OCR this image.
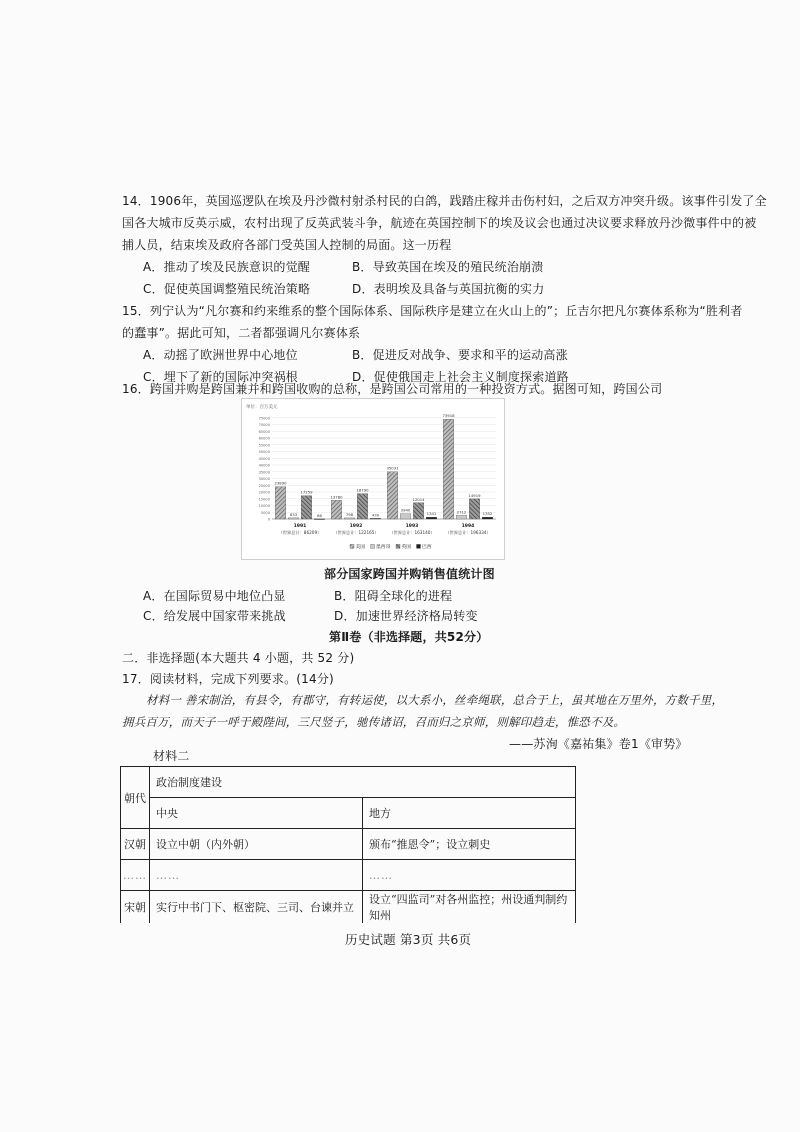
14．1906年，英国巡逻队在埃及丹沙微村射杀村民的白鸽，践踏庄稼并击伤村妇，之后双方冲突升级。该事件引发了全
国各大城市反英示威，农村出现了反英武装斗争，航迹在英国控制下的埃及议会也通过决议要求释放丹沙微事件中的被
捕人员，结束埃及政府各部门受英国人控制的局面。这一历程
A．推动了埃及民族意识的觉醒	B．导致英国在埃及的殖民统治崩溃
C．促使英国调整殖民统治策略	D．表明埃及具备与英国抗衡的实力
15．列宁认为“凡尔赛和约来维系的整个国际体系、国际秩序是建立在火山上的”；丘吉尔把凡尔赛体系称为“胜利者
的蠢事”。据此可知，二者都强调凡尔赛体系
A．动摇了欧洲世界中心地位	B．促进反对战争、要求和平的运动高涨
C．埋下了新的国际冲突祸根	D．促使俄国走上社会主义制度探索道路
16．跨国并购是跨国兼并和跨国收购的总称，是跨国公司常用的一种投资方式。据图可知，跨国公司
单位：百万美元
0
5000
10000
15000
20000
25000
30000
35000
40000
45000
50000
55000
60000
65000
70000
75000
23890
833
17259
66
1991
（世界总计：86209）
13780
798
18790
430
1992
（世界总计：122165）
35031
3940
12014
1341
1993
（世界总计：163140）
73918
2712
14919
1352
1994
（世界总计：196334）
美国 墨西哥 英国 巴西
部分国家跨国并购销售值统计图
A．在国际贸易中地位凸显	B．阻碍全球化的进程
C．给发展中国家带来挑战	D．加速世界经济格局转变
第Ⅱ卷（非选择题，共52分）
二．非选择题(本大题共 4 小题，共 52 分)
17．阅读材料，完成下列要求。(14分)
材料一 善宋制治，有县令，有郡守，有转运使，以大系小，丝牵绳联，总合于上，虽其地在万里外，方数千里，
拥兵百万，而天子一呼于殿陛间，三尺竖子，驰传诸诏，召而归之京师，则解印趋走，惟恐不及。
——苏洵《嘉祐集》卷1《审势》
材料二
朝代	政治制度建设	
	中央	地方
汉朝	设立中朝（内外朝）	颁布“推恩令”；设立刺史
……	……	……
宋朝	实行中书门下、枢密院、三司、台谏并立	设立“四监司”对各州监控；州设通判制约知州
历史试题 第3页 共6页
